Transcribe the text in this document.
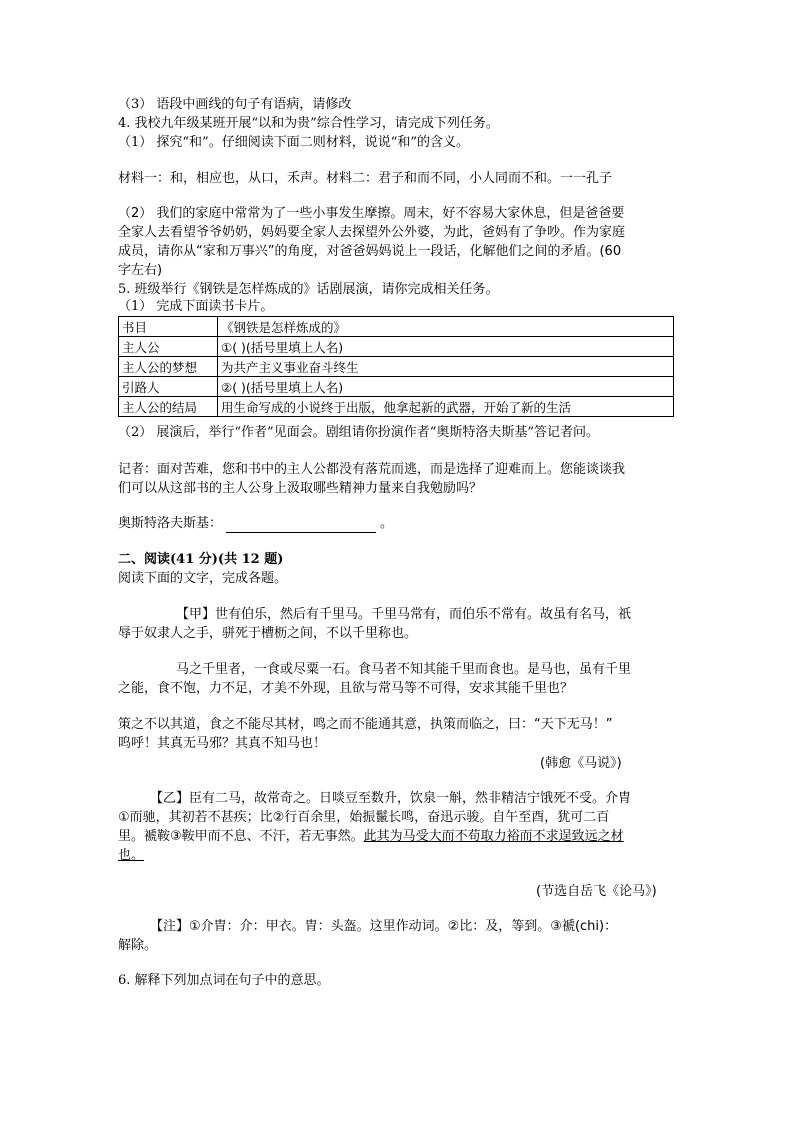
（3） 语段中画线的句子有语病，请修改
4. 我校九年级某班开展“以和为贵”综合性学习，请完成下列任务。
（1） 探究“和”。仔细阅读下面二则材料，说说“和”的含义。
材料一：和，相应也，从口，禾声。材料二：君子和而不同，小人同而不和。一一孔子
（2） 我们的家庭中常常为了一些小事发生摩擦。周末，好不容易大家休息，但是爸爸要
全家人去看望爷爷奶奶，妈妈要全家人去探望外公外婆，为此，爸妈有了争吵。作为家庭
成员，请你从“家和万事兴”的角度，对爸爸妈妈说上一段话，化解他们之间的矛盾。(60
字左右)
5. 班级举行《钢铁是怎样炼成的》话剧展演，请你完成相关任务。
（1） 完成下面读书卡片。
书目	《钢铁是怎样炼成的》
主人公	①( )(括号里填上人名)
主人公的梦想	为共产主义事业奋斗终生
引路人	②( )(括号里填上人名)
主人公的结局	用生命写成的小说终于出版，他拿起新的武器，开始了新的生活
（2） 展演后，举行“作者”见面会。剧组请你扮演作者“奥斯特洛夫斯基”答记者问。
记者：面对苦难，您和书中的主人公都没有落荒而逃，而是选择了迎难而上。您能谈谈我
们可以从这部书的主人公身上汲取哪些精神力量来自我勉励吗？
奥斯特洛夫斯基：	。
二、阅读(41 分)(共 12 题)
阅读下面的文字，完成各题。
【甲】世有伯乐，然后有千里马。千里马常有，而伯乐不常有。故虽有名马，祇
辱于奴隶人之手，骈死于槽枥之间，不以千里称也。
马之千里者，一食或尽粟一石。食马者不知其能千里而食也。是马也，虽有千里
之能，食不饱，力不足，才美不外现，且欲与常马等不可得，安求其能千里也？
策之不以其道，食之不能尽其材，鸣之而不能通其意，执策而临之，曰：“天下无马！”
呜呼！其真无马邪？其真不知马也！
(韩愈《马说》)
【乙】臣有二马，故常奇之。日啖豆至数升，饮泉一斛，然非精洁宁饿死不受。介胄
①而驰，其初若不甚疾；比②行百余里，始振鬣长鸣，奋迅示骏。自午至酉，犹可二百
里。褫鞍③鞍甲而不息、不汗，若无事然。此其为马受大而不苟取力裕而不求逞致远之材
也。
(节选自岳飞《论马》)
【注】①介胄：介：甲衣。胄：头盔。这里作动词。②比：及，等到。③褫(chi)：
解除。
6. 解释下列加点词在句子中的意思。
